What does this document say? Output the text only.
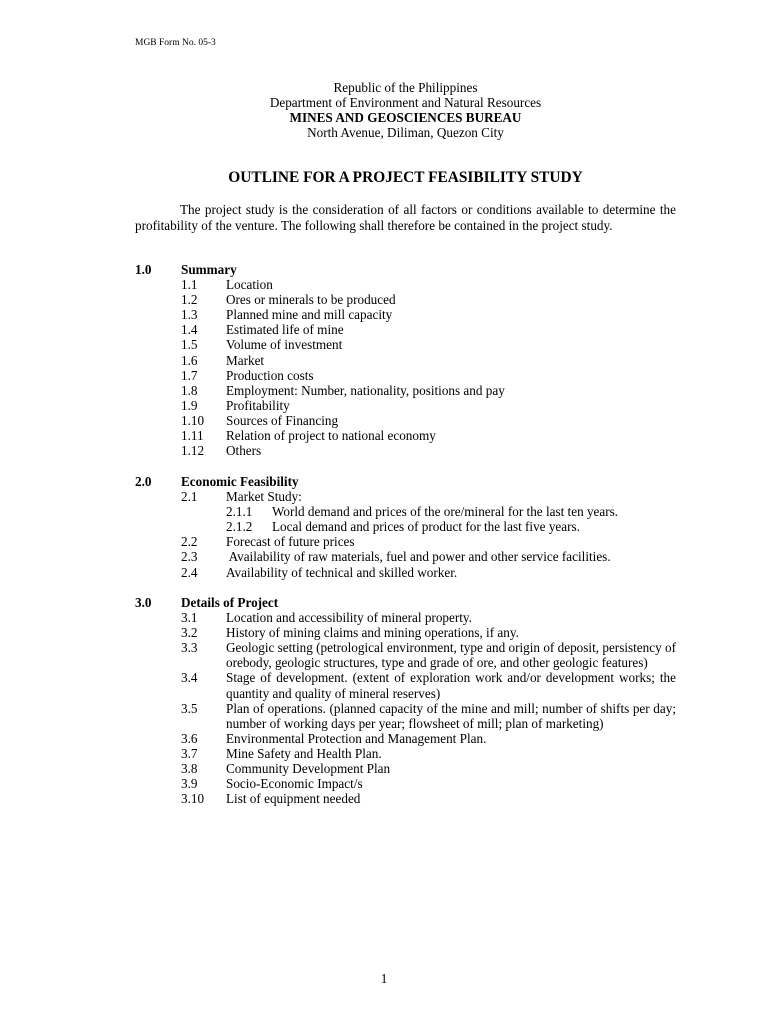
MGB Form No. 05-3
Republic of the Philippines
Department of Environment and Natural Resources
MINES AND GEOSCIENCES BUREAU
North Avenue, Diliman, Quezon City
OUTLINE FOR A PROJECT FEASIBILITY STUDY
The project study is the consideration of all factors or conditions available to determine the profitability of the venture. The following shall therefore be contained in the project study.
1.0	Summary
1.1	Location
1.2	Ores or minerals to be produced
1.3	Planned mine and mill capacity
1.4	Estimated life of mine
1.5	Volume of investment
1.6	Market
1.7	Production costs
1.8	Employment: Number, nationality, positions and pay
1.9	Profitability
1.10	Sources of Financing
1.11	Relation of project to national economy
1.12	Others
2.0	Economic Feasibility
2.1	Market Study:
2.1.1	World demand and prices of the ore/mineral for the last ten years.
2.1.2	Local demand and prices of product for the last five years.
2.2	Forecast of future prices
2.3	Availability of raw materials, fuel and power and other service facilities.
2.4	Availability of technical and skilled worker.
3.0	Details of Project
3.1	Location and accessibility of mineral property.
3.2	History of mining claims and mining operations, if any.
3.3	Geologic setting (petrological environment, type and origin of deposit, persistency of orebody, geologic structures, type and grade of ore, and other geologic features)
3.4	Stage of development. (extent of exploration work and/or development works; the quantity and quality of mineral reserves)
3.5	Plan of operations. (planned capacity of the mine and mill; number of shifts per day; number of working days per year; flowsheet of mill; plan of marketing)
3.6	Environmental Protection and Management Plan.
3.7	Mine Safety and Health Plan.
3.8	Community Development Plan
3.9	Socio-Economic Impact/s
3.10	List of equipment needed
1
